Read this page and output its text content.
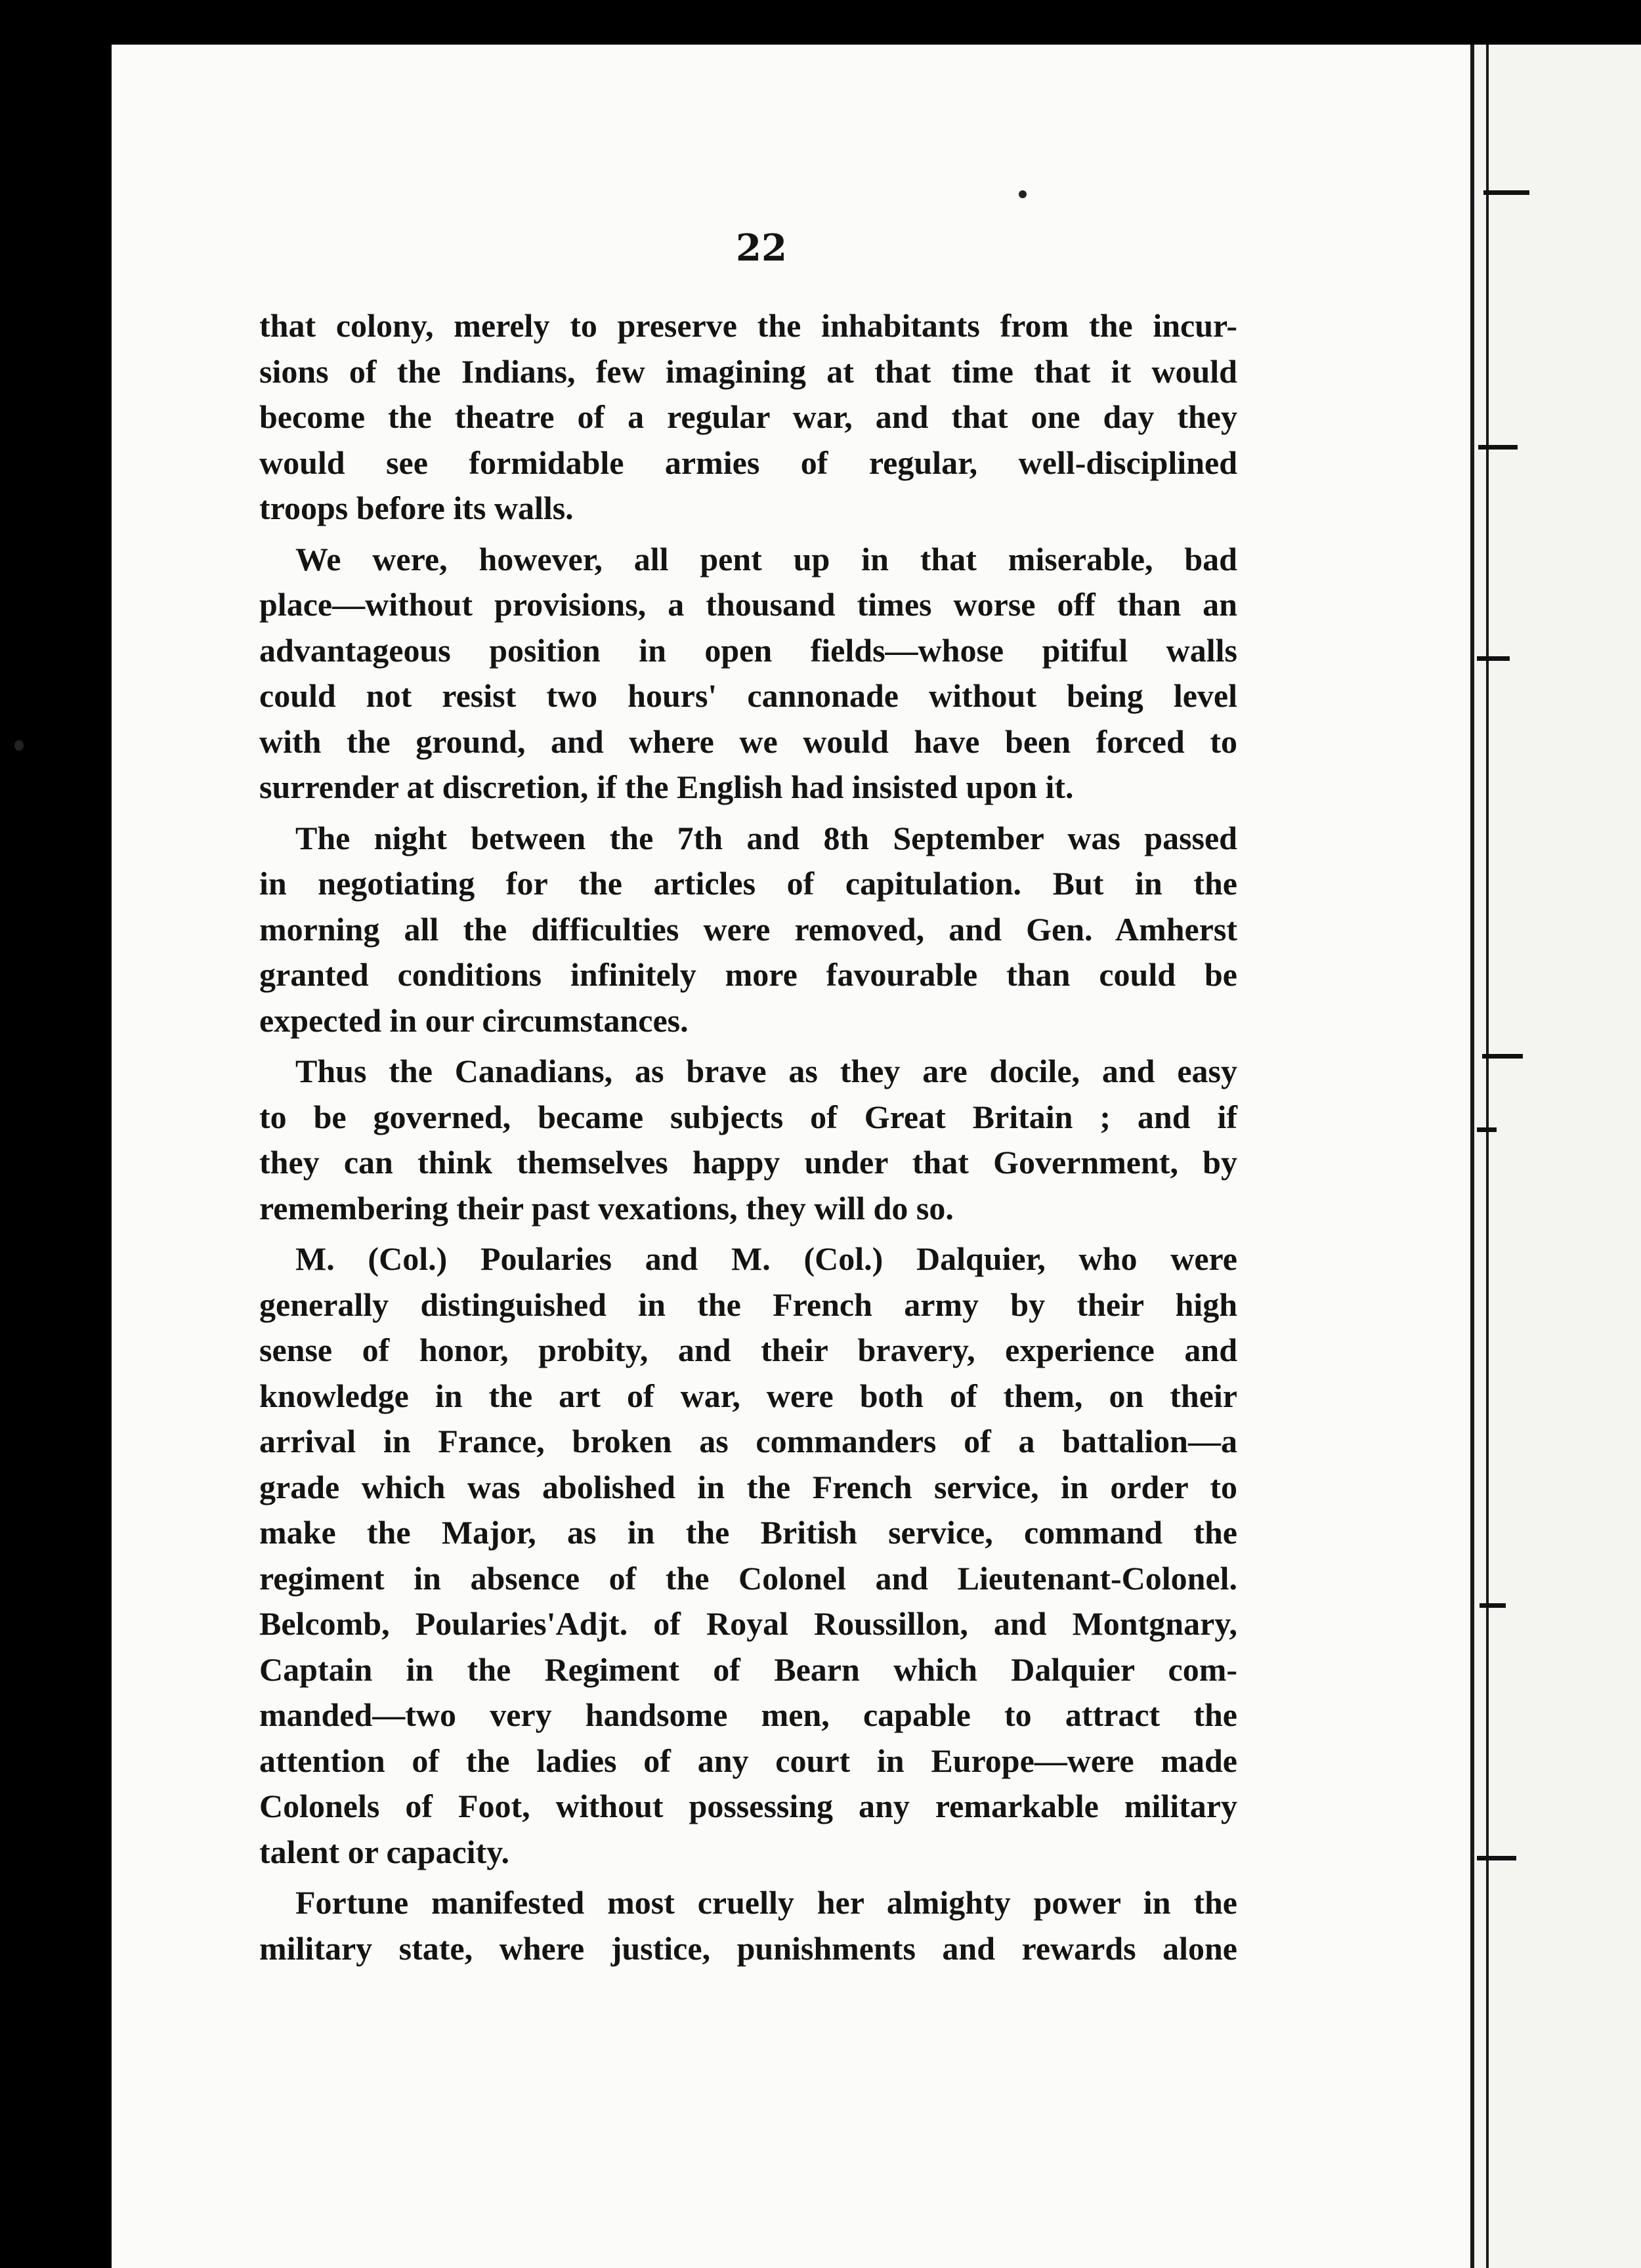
22
that colony, merely to preserve the inhabitants from the incur-
sions of the Indians, few imagining at that time that it would
become the theatre of a regular war, and that one day they
would see formidable armies of regular, well-disciplined
troops before its walls.
We were, however, all pent up in that miserable, bad
place—without provisions, a thousand times worse off than an
advantageous position in open fields—whose pitiful walls
could not resist two hours' cannonade without being level
with the ground, and where we would have been forced to
surrender at discretion, if the English had insisted upon it.
The night between the 7th and 8th September was passed
in negotiating for the articles of capitulation. But in the
morning all the difficulties were removed, and Gen. Amherst
granted conditions infinitely more favourable than could be
expected in our circumstances.
Thus the Canadians, as brave as they are docile, and easy
to be governed, became subjects of Great Britain ; and if
they can think themselves happy under that Government, by
remembering their past vexations, they will do so.
M. (Col.) Poularies and M. (Col.) Dalquier, who were
generally distinguished in the French army by their high
sense of honor, probity, and their bravery, experience and
knowledge in the art of war, were both of them, on their
arrival in France, broken as commanders of a battalion—a
grade which was abolished in the French service, in order to
make the Major, as in the British service, command the
regiment in absence of the Colonel and Lieutenant-Colonel.
Belcomb, Poularies'Adjt. of Royal Roussillon, and Montgnary,
Captain in the Regiment of Bearn which Dalquier com-
manded—two very handsome men, capable to attract the
attention of the ladies of any court in Europe—were made
Colonels of Foot, without possessing any remarkable military
talent or capacity.
Fortune manifested most cruelly her almighty power in the
military state, where justice, punishments and rewards alone
